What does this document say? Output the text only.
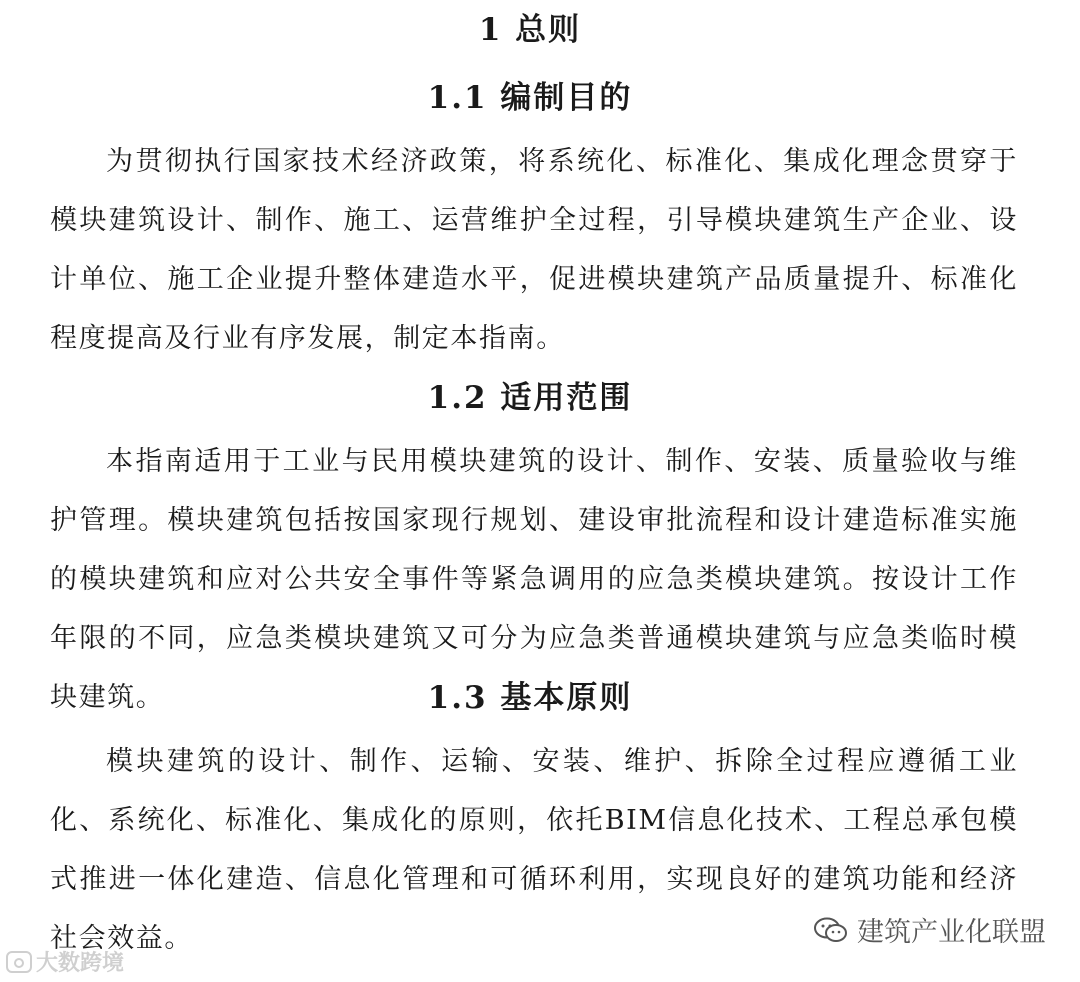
1 总则
1.1 编制目的

为贯彻执行国家技术经济政策，将系统化、标准化、集成化理念贯穿于模块建筑设计、制作、施工、运营维护全过程，引导模块建筑生产企业、设计单位、施工企业提升整体建造水平，促进模块建筑产品质量提升、标准化程度提高及行业有序发展，制定本指南。

1.2 适用范围

本指南适用于工业与民用模块建筑的设计、制作、安装、质量验收与维护管理。模块建筑包括按国家现行规划、建设审批流程和设计建造标准实施的模块建筑和应对公共安全事件等紧急调用的应急类模块建筑。按设计工作年限的不同，应急类模块建筑又可分为应急类普通模块建筑与应急类临时模块建筑。	1.3 基本原则

模块建筑的设计、制作、运输、安装、维护、拆除全过程应遵循工业化、系统化、标准化、集成化的原则，依托BIM信息化技术、工程总承包模式推进一体化建造、信息化管理和可循环利用，实现良好的建筑功能和经济社会效益。

大数跨境
建筑产业化联盟
